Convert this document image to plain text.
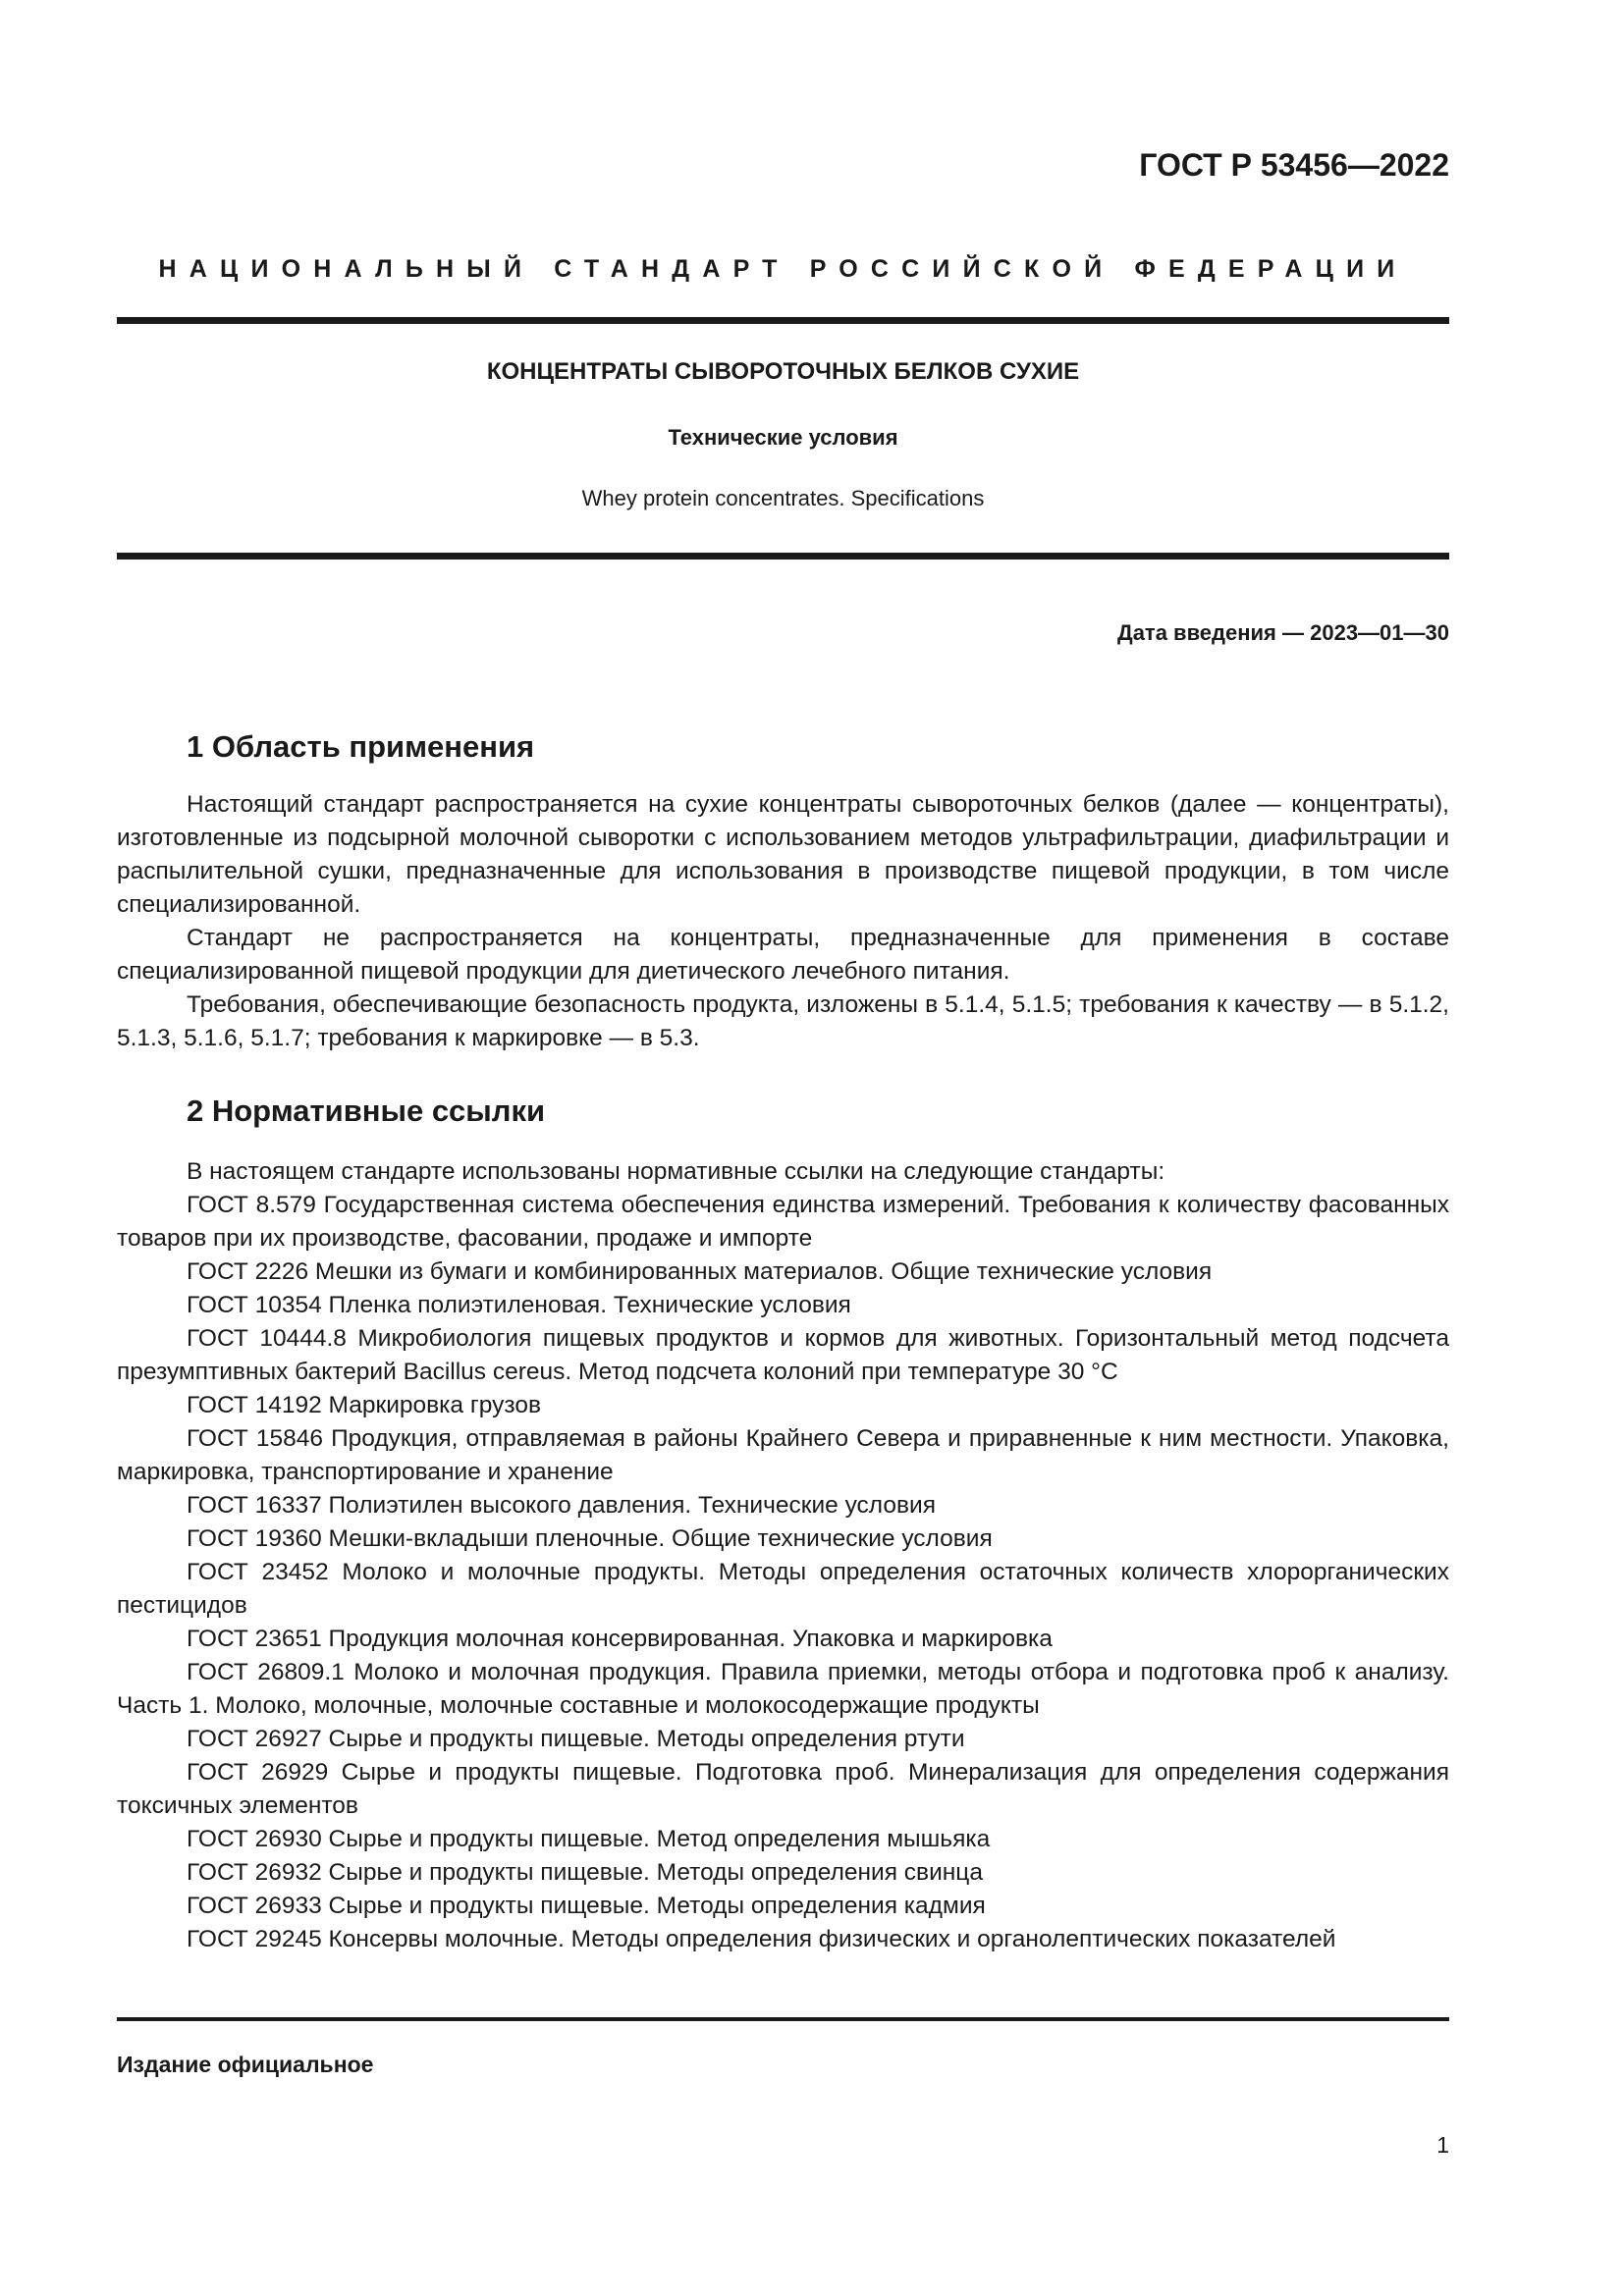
ГОСТ Р 53456—2022
НАЦИОНАЛЬНЫЙ СТАНДАРТ РОССИЙСКОЙ ФЕДЕРАЦИИ
КОНЦЕНТРАТЫ СЫВОРОТОЧНЫХ БЕЛКОВ СУХИЕ
Технические условия
Whey protein concentrates. Specifications
Дата введения — 2023—01—30
1 Область применения

Настоящий стандарт распространяется на сухие концентраты сывороточных белков (далее — концентраты), изготовленные из подсырной молочной сыворотки с использованием методов ультрафильтрации, диафильтрации и распылительной сушки, предназначенные для использования в производстве пищевой продукции, в том числе специализированной.

Стандарт не распространяется на концентраты, предназначенные для применения в составе специализированной пищевой продукции для диетического лечебного питания.

Требования, обеспечивающие безопасность продукта, изложены в 5.1.4, 5.1.5; требования к качеству — в 5.1.2, 5.1.3, 5.1.6, 5.1.7; требования к маркировке — в 5.3.

2 Нормативные ссылки

В настоящем стандарте использованы нормативные ссылки на следующие стандарты:

ГОСТ 8.579 Государственная система обеспечения единства измерений. Требования к количеству фасованных товаров при их производстве, фасовании, продаже и импорте

ГОСТ 2226 Мешки из бумаги и комбинированных материалов. Общие технические условия

ГОСТ 10354 Пленка полиэтиленовая. Технические условия

ГОСТ 10444.8 Микробиология пищевых продуктов и кормов для животных. Горизонтальный метод подсчета презумптивных бактерий Bacillus cereus. Метод подсчета колоний при температуре 30 °С

ГОСТ 14192 Маркировка грузов

ГОСТ 15846 Продукция, отправляемая в районы Крайнего Севера и приравненные к ним местности. Упаковка, маркировка, транспортирование и хранение

ГОСТ 16337 Полиэтилен высокого давления. Технические условия

ГОСТ 19360 Мешки-вкладыши пленочные. Общие технические условия

ГОСТ 23452 Молоко и молочные продукты. Методы определения остаточных количеств хлорорганических пестицидов

ГОСТ 23651 Продукция молочная консервированная. Упаковка и маркировка

ГОСТ 26809.1 Молоко и молочная продукция. Правила приемки, методы отбора и подготовка проб к анализу. Часть 1. Молоко, молочные, молочные составные и молокосодержащие продукты

ГОСТ 26927 Сырье и продукты пищевые. Методы определения ртути

ГОСТ 26929 Сырье и продукты пищевые. Подготовка проб. Минерализация для определения содержания токсичных элементов

ГОСТ 26930 Сырье и продукты пищевые. Метод определения мышьяка

ГОСТ 26932 Сырье и продукты пищевые. Методы определения свинца

ГОСТ 26933 Сырье и продукты пищевые. Методы определения кадмия

ГОСТ 29245 Консервы молочные. Методы определения физических и органолептических показателей

Издание официальное
1
